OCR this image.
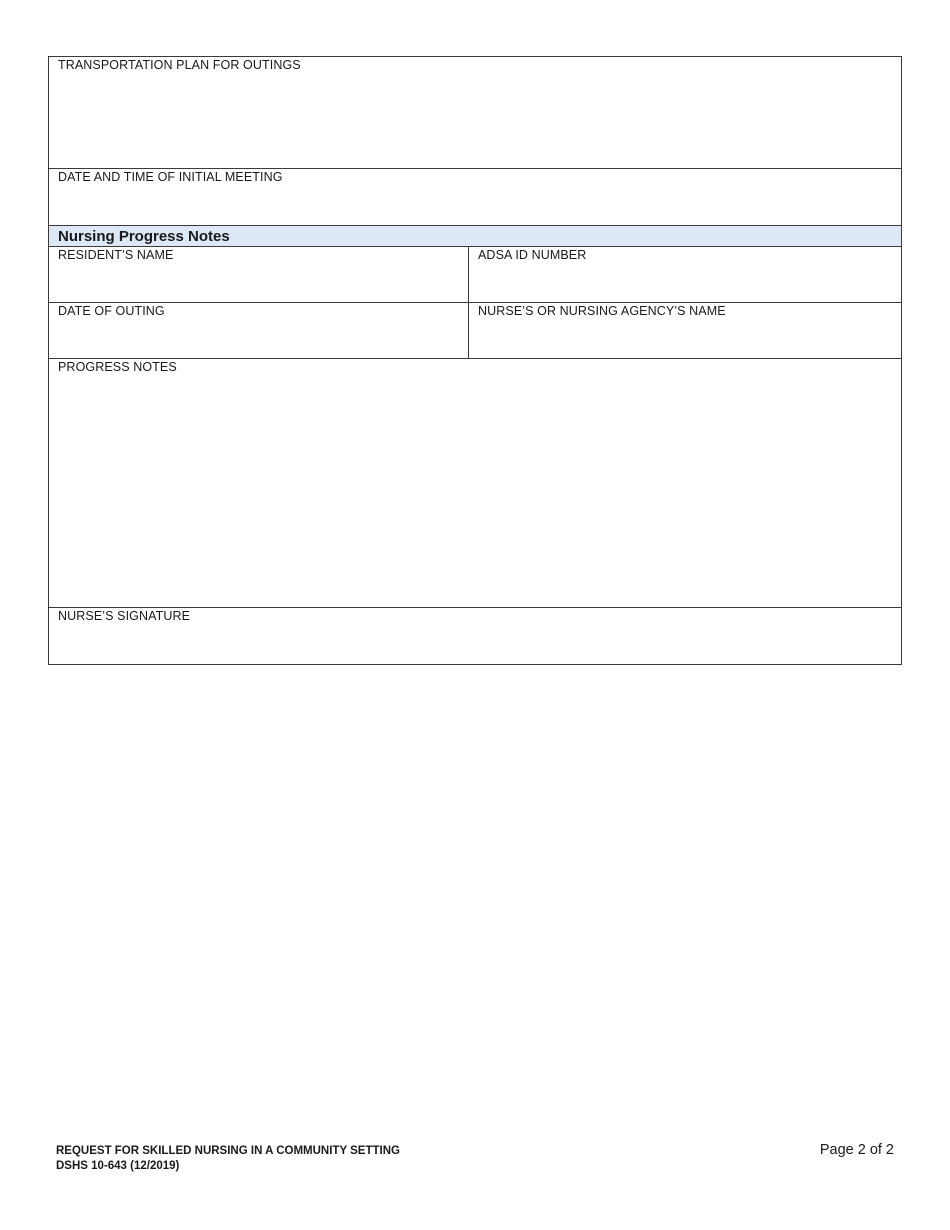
TRANSPORTATION PLAN FOR OUTINGS
DATE AND TIME OF INITIAL MEETING
Nursing Progress Notes
RESIDENT’S NAME	ADSA ID NUMBER
DATE OF OUTING	NURSE’S OR NURSING AGENCY’S NAME
PROGRESS NOTES
NURSE’S SIGNATURE
REQUEST FOR SKILLED NURSING IN A COMMUNITY SETTING
DSHS 10-643 (12/2019)
Page 2 of 2
